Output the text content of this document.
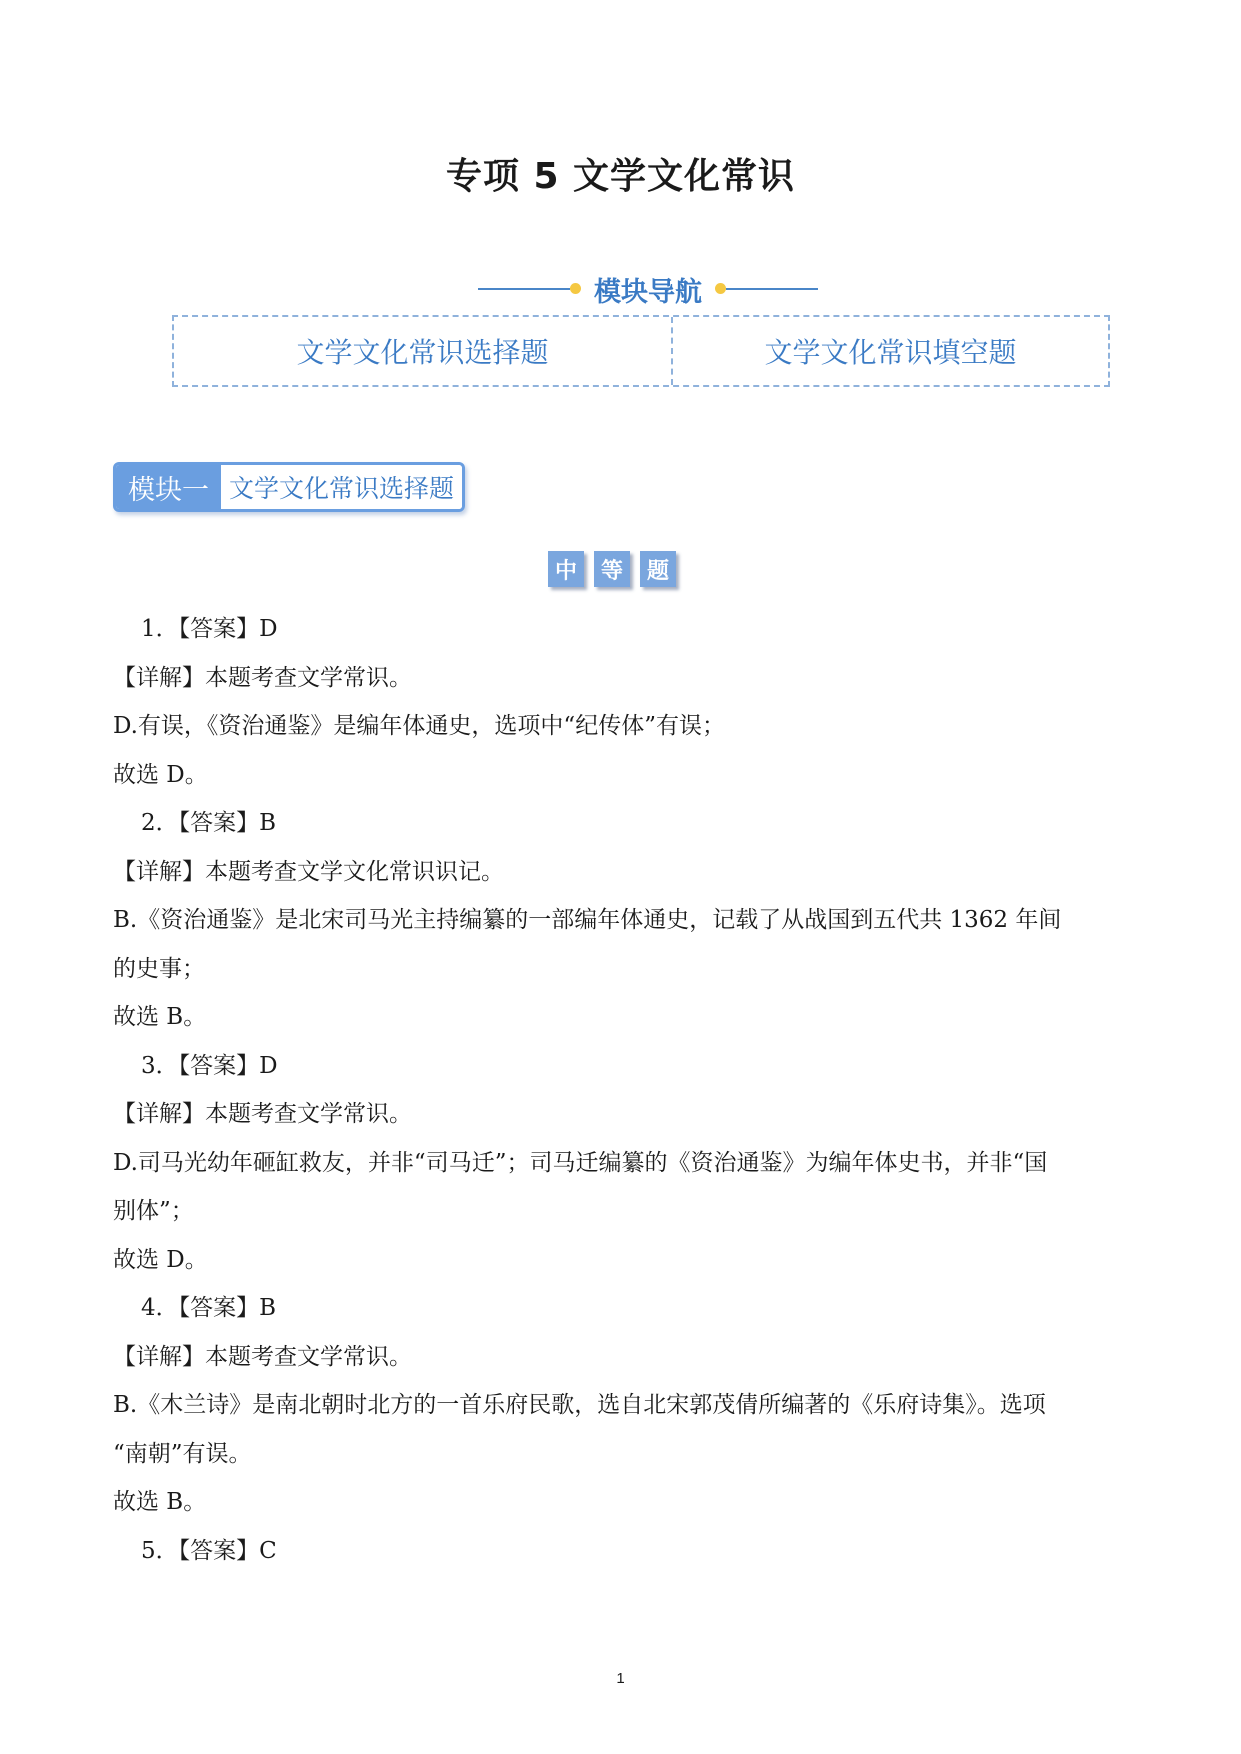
专项 5 文学文化常识
模块导航
文学文化常识选择题	文学文化常识填空题
模块一 文学文化常识选择题
中	等	题

1．【答案】D

【详解】本题考查文学常识。

D.有误，《资治通鉴》是编年体通史，选项中“纪传体”有误；

故选 D。

2．【答案】B

【详解】本题考查文学文化常识识记。

B.《资治通鉴》是北宋司马光主持编纂的一部编年体通史，记载了从战国到五代共 1362 年间

的史事；

故选 B。

3．【答案】D

【详解】本题考查文学常识。

D.司马光幼年砸缸救友，并非“司马迁”；司马迁编纂的《资治通鉴》为编年体史书，并非“国

别体”；

故选 D。

4．【答案】B

【详解】本题考查文学常识。

B.《木兰诗》是南北朝时北方的一首乐府民歌，选自北宋郭茂倩所编著的《乐府诗集》。选项

“南朝”有误。

故选 B。

5．【答案】C

1
